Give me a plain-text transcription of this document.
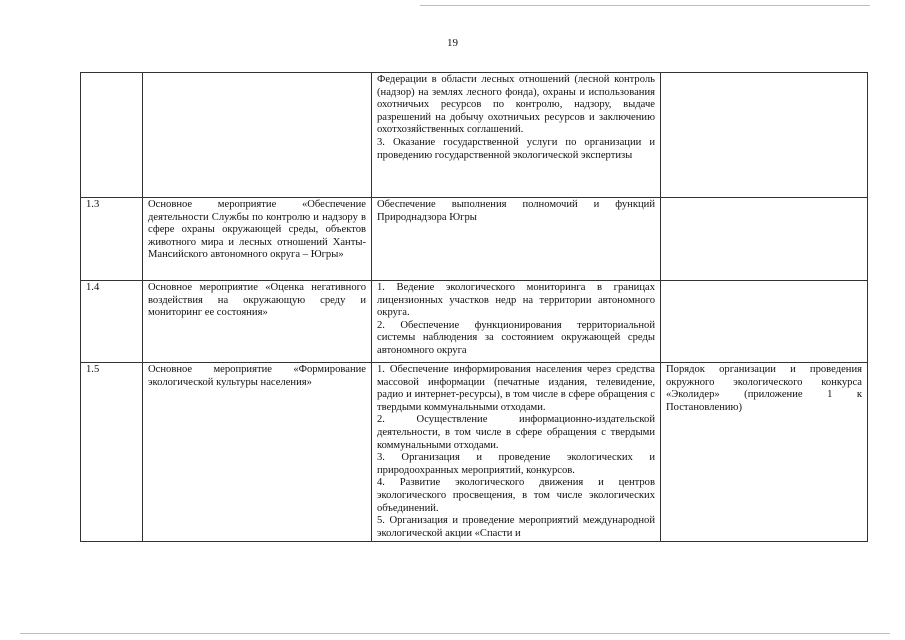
19

		Федерации в области лесных отношений (лесной контроль (надзор) на землях лесного фонда), охраны и использования охотничьих ресурсов по контролю, надзору, выдаче разрешений на добычу охотничьих ресурсов и заключению охотхозяйственных соглашений.
3. Оказание государственной услуги по организации и проведению государственной экологической экспертизы	

1.3	Основное мероприятие «Обеспечение деятельности Службы по контролю и надзору в сфере охраны окружающей среды, объектов животного мира и лесных отношений Ханты-Мансийского автономного округа – Югры»	Обеспечение выполнения полномочий и функций Природнадзора Югры	

1.4	Основное мероприятие «Оценка негативного воздействия на окружающую среду и мониторинг ее состояния»	1. Ведение экологического мониторинга в границах лицензионных участков недр на территории автономного округа.
2. Обеспечение функционирования территориальной системы наблюдения за состоянием окружающей среды автономного округа	

1.5	Основное мероприятие «Формирование экологической культуры населения»	1. Обеспечение информирования населения через средства массовой информации (печатные издания, телевидение, радио и интернет-ресурсы), в том числе в сфере обращения с твердыми коммунальными отходами.
2. Осуществление информационно-издательской деятельности, в том числе в сфере обращения с твердыми коммунальными отходами.
3. Организация и проведение экологических и природоохранных мероприятий, конкурсов.
4. Развитие экологического движения и центров экологического просвещения, в том числе экологических объединений.
5. Организация и проведение мероприятий международной экологической акции «Спасти и	Порядок организации и проведения окружного экологического конкурса «Эколидер» (приложение 1 к Постановлению)
